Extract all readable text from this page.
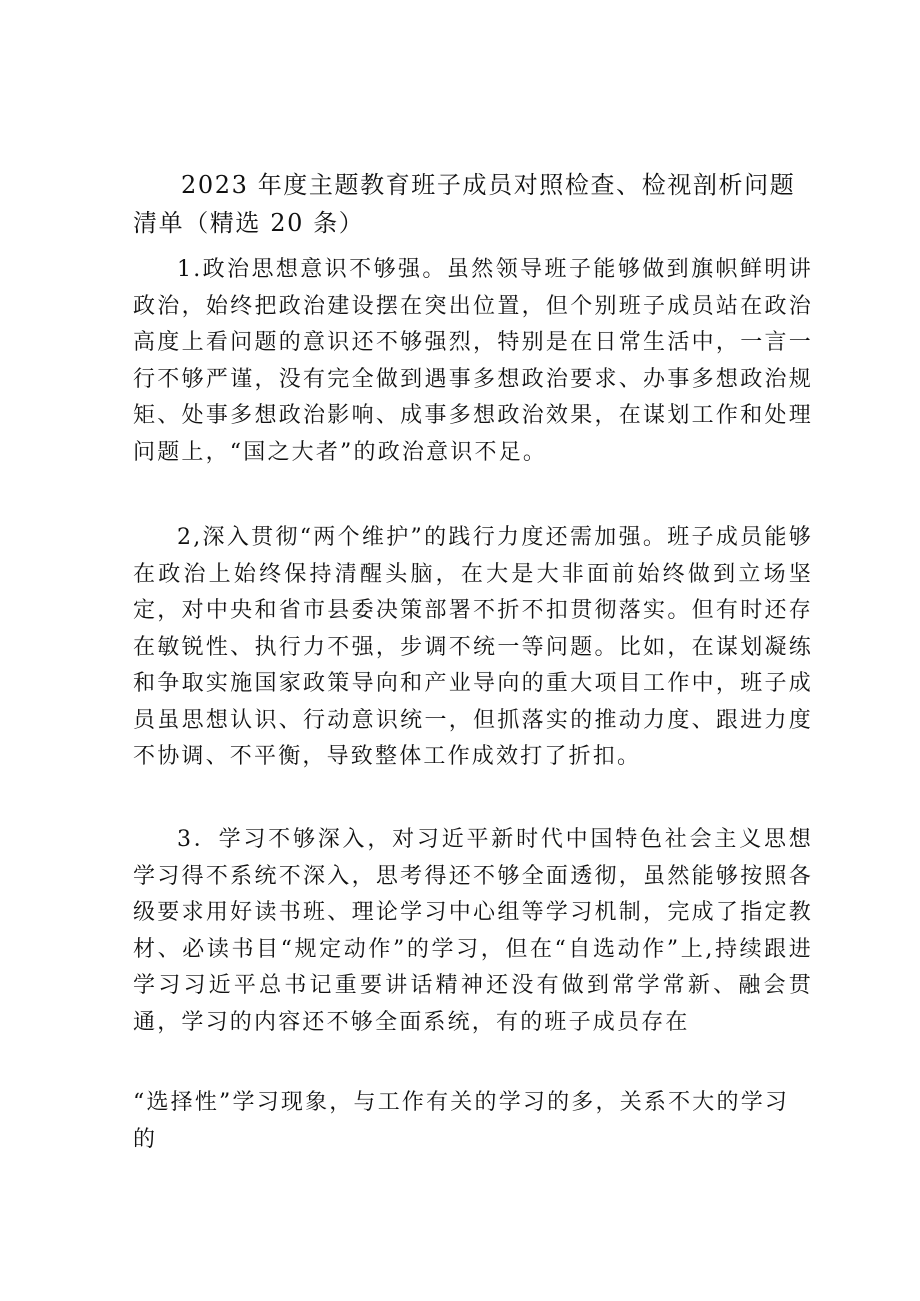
2023 年度主题教育班子成员对照检查、检视剖析问题清单（精选 20 条）

1.政治思想意识不够强。虽然领导班子能够做到旗帜鲜明讲政治，始终把政治建设摆在突出位置，但个别班子成员站在政治高度上看问题的意识还不够强烈，特别是在日常生活中，一言一行不够严谨，没有完全做到遇事多想政治要求、办事多想政治规矩、处事多想政治影响、成事多想政治效果，在谋划工作和处理问题上，“国之大者”的政治意识不足。

2,深入贯彻“两个维护”的践行力度还需加强。班子成员能够在政治上始终保持清醒头脑，在大是大非面前始终做到立场坚定，对中央和省市县委决策部署不折不扣贯彻落实。但有时还存在敏锐性、执行力不强，步调不统一等问题。比如，在谋划凝练和争取实施国家政策导向和产业导向的重大项目工作中，班子成员虽思想认识、行动意识统一，但抓落实的推动力度、跟进力度不协调、不平衡，导致整体工作成效打了折扣。

3．学习不够深入，对习近平新时代中国特色社会主义思想学习得不系统不深入，思考得还不够全面透彻，虽然能够按照各级要求用好读书班、理论学习中心组等学习机制，完成了指定教材、必读书目“规定动作”的学习，但在“自选动作”上,持续跟进学习习近平总书记重要讲话精神还没有做到常学常新、融会贯通，学习的内容还不够全面系统，有的班子成员存在

“选择性”学习现象，与工作有关的学习的多，关系不大的学习的
